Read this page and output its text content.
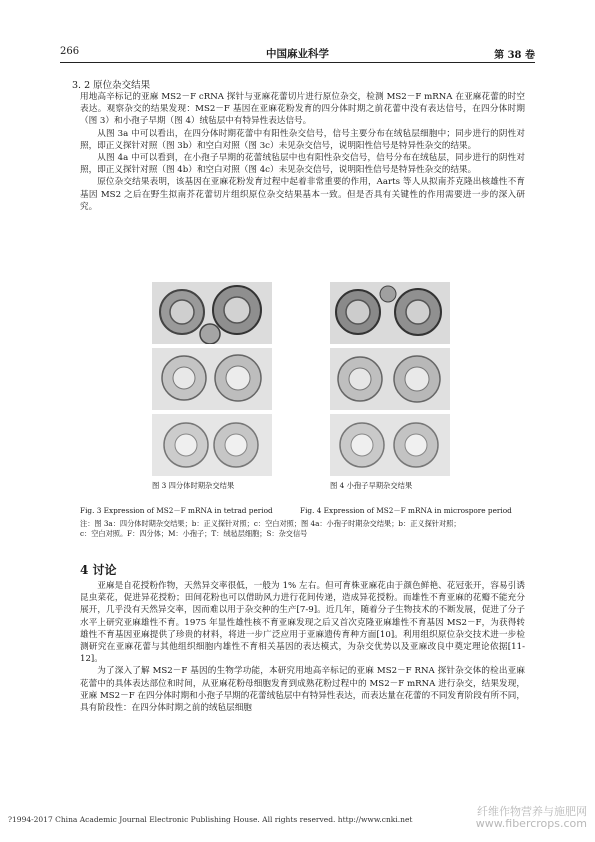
266	中国麻业科学	第 38 卷
3. 2 原位杂交结果

用地高辛标记的亚麻 MS2－F cRNA 探针与亚麻花蕾切片进行原位杂交，检测 MS2－F mRNA 在亚麻花蕾的时空表达。观察杂交的结果发现：MS2－F 基因在亚麻花粉发育的四分体时期之前花蕾中没有表达信号，在四分体时期（图 3）和小孢子早期（图 4）绒毡层中有特异性表达信号。

从图 3a 中可以看出，在四分体时期花蕾中有阳性杂交信号，信号主要分布在绒毡层细胞中；同步进行的阴性对照，即正义探针对照（图 3b）和空白对照（图 3c）未见杂交信号，说明阳性信号是特异性杂交的结果。

从图 4a 中可以看到，在小孢子早期的花蕾绒毡层中也有阳性杂交信号，信号分布在绒毡层，同步进行的阴性对照，即正义探针对照（图 4b）和空白对照（图 4c）未见杂交信号，说明阳性信号是特异性杂交的结果。

原位杂交结果表明，该基因在亚麻花粉发育过程中起着非常重要的作用，Aarts 等人从拟南芥克隆出核雄性不育基因 MS2 之后在野生拟南芥花蕾切片组织原位杂交结果基本一致。但是否具有关键性的作用需要进一步的深入研究。

图 3 四分体时期杂交结果	图 4 小孢子早期杂交结果
Fig. 3 Expression of MS2－F mRNA in tetrad period	Fig. 4 Expression of MS2－F mRNA in microspore period
注：图 3a：四分体时期杂交结果；b：正义探针对照；c：空白对照；图 4a：小孢子时期杂交结果；b：正义探针对照；
c：空白对照。F：四分体；M：小孢子；T：绒毡层细胞；S：杂交信号
4 讨论

亚麻是自花授粉作物，天然异交率很低，一般为 1% 左右。但可育株亚麻花由于颜色鲜艳、花冠张开，容易引诱昆虫菜花，促进异花授粉；田间花粉也可以借助风力进行花间传递，造成异花授粉。而雄性不育亚麻的花瓣不能充分展开，几乎没有天然异交率，因而难以用于杂交种的生产[7-9]。近几年，随着分子生物技术的不断发展，促进了分子水平上研究亚麻雄性不育。1975 年显性雄性核不育亚麻发现之后又首次克隆亚麻雄性不育基因 MS2－F，为获得转雄性不育基因亚麻提供了珍贵的材料，将进一步广泛应用于亚麻遗传育种方面[10]。利用组织原位杂交技术进一步检测研究在亚麻花蕾与其他组织细胞内雄性不育相关基因的表达模式，为杂交优势以及亚麻改良中奠定理论依据[11-12]。

为了深入了解 MS2－F 基因的生物学功能，本研究用地高辛标记的亚麻 MS2－F RNA 探针杂交体的检出亚麻花蕾中的具体表达部位和时间，从亚麻花粉母细胞发育到成熟花粉过程中的 MS2－F mRNA 进行杂交，结果发现，亚麻 MS2－F 在四分体时期和小孢子早期的花蕾绒毡层中有特异性表达，而表达量在花蕾的不同发育阶段有所不同，具有阶段性：在四分体时期之前的绒毡层细胞

?1994-2017 China Academic Journal Electronic Publishing House. All rights reserved. http://www.cnki.net
纤维作物营养与施肥网
www.fibercrops.com
